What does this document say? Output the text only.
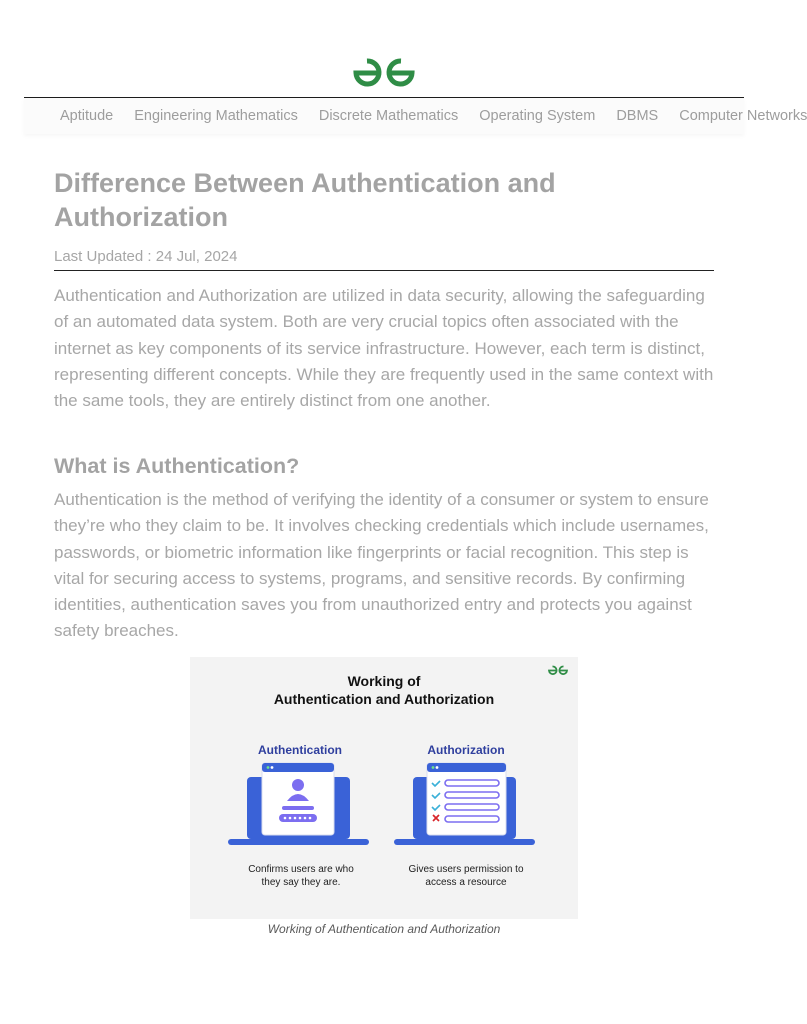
Aptitude Engineering Mathematics Discrete Mathematics Operating System DBMS Computer Networks
Difference Between Authentication and Authorization
Last Updated : 24 Jul, 2024

Authentication and Authorization are utilized in data security, allowing the safeguarding of an automated data system. Both are very crucial topics often associated with the internet as key components of its service infrastructure. However, each term is distinct, representing different concepts. While they are frequently used in the same context with the same tools, they are entirely distinct from one another.

What is Authentication?

Authentication is the method of verifying the identity of a consumer or system to ensure they’re who they claim to be. It involves checking credentials which include usernames, passwords, or biometric information like fingerprints or facial recognition. This step is vital for securing access to systems, programs, and sensitive records. By confirming identities, authentication saves you from unauthorized entry and protects you against safety breaches.

Working of
Authentication and Authorization
Authentication	Authorization
Confirms users are who
they say they are.
Gives users permission to
access a resource
Working of Authentication and Authorization
